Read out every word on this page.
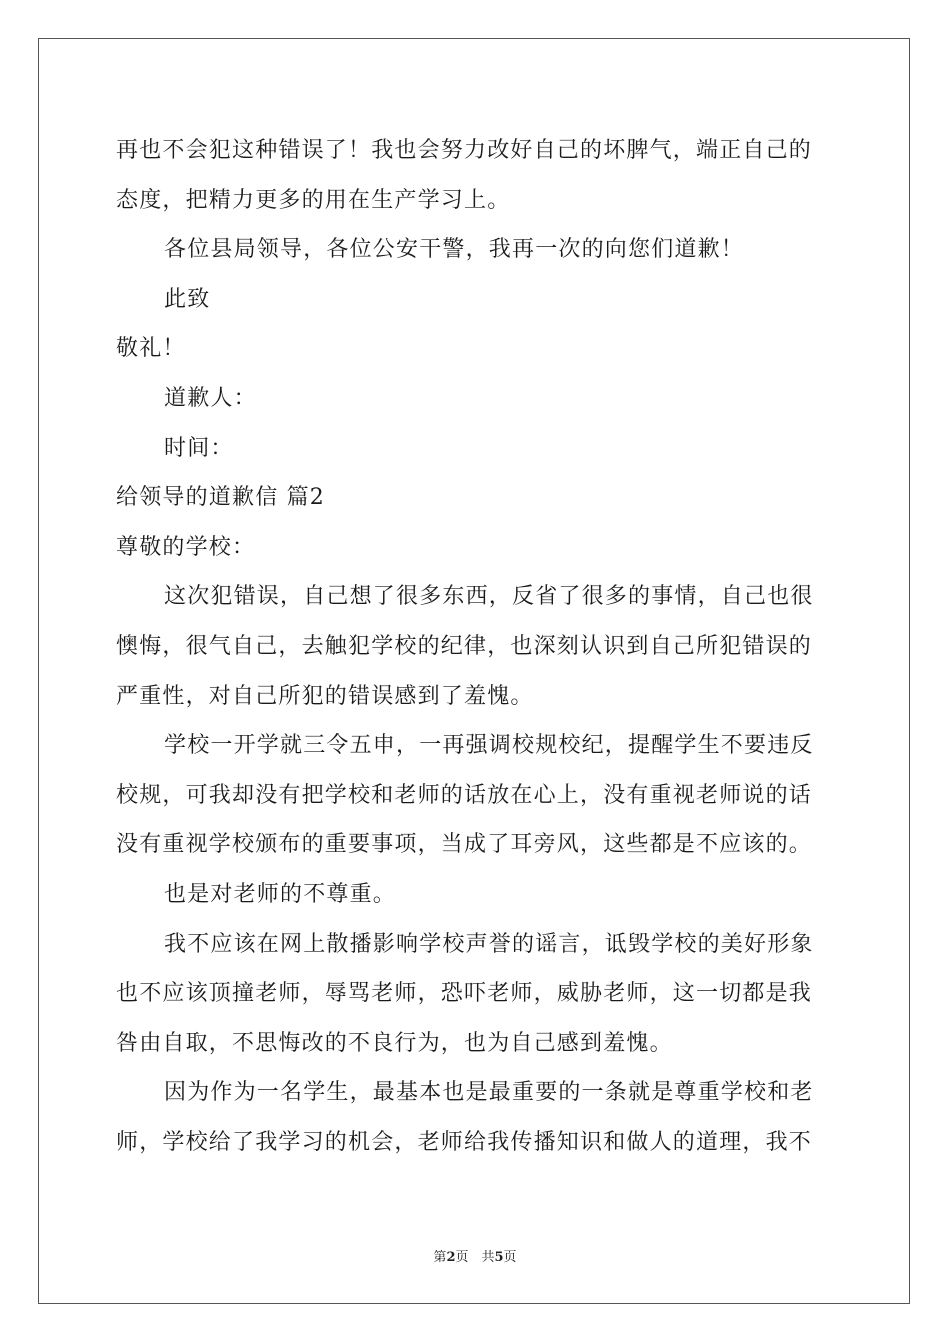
再也不会犯这种错误了！我也会努力改好自己的坏脾气，端正自己的
态度，把精力更多的用在生产学习上。
各位县局领导，各位公安干警，我再一次的向您们道歉！
此致
敬礼！
道歉人：
时间：
给领导的道歉信 篇2
尊敬的学校：
这次犯错误，自己想了很多东西，反省了很多的事情，自己也很
懊悔，很气自己，去触犯学校的纪律，也深刻认识到自己所犯错误的
严重性，对自己所犯的错误感到了羞愧。
学校一开学就三令五申，一再强调校规校纪，提醒学生不要违反
校规，可我却没有把学校和老师的话放在心上，没有重视老师说的话
没有重视学校颁布的重要事项，当成了耳旁风，这些都是不应该的。
也是对老师的不尊重。
我不应该在网上散播影响学校声誉的谣言，诋毁学校的美好形象
也不应该顶撞老师，辱骂老师，恐吓老师，威胁老师，这一切都是我
咎由自取，不思悔改的不良行为，也为自己感到羞愧。
因为作为一名学生，最基本也是最重要的一条就是尊重学校和老
师，学校给了我学习的机会，老师给我传播知识和做人的道理，我不
第2页　共5页
